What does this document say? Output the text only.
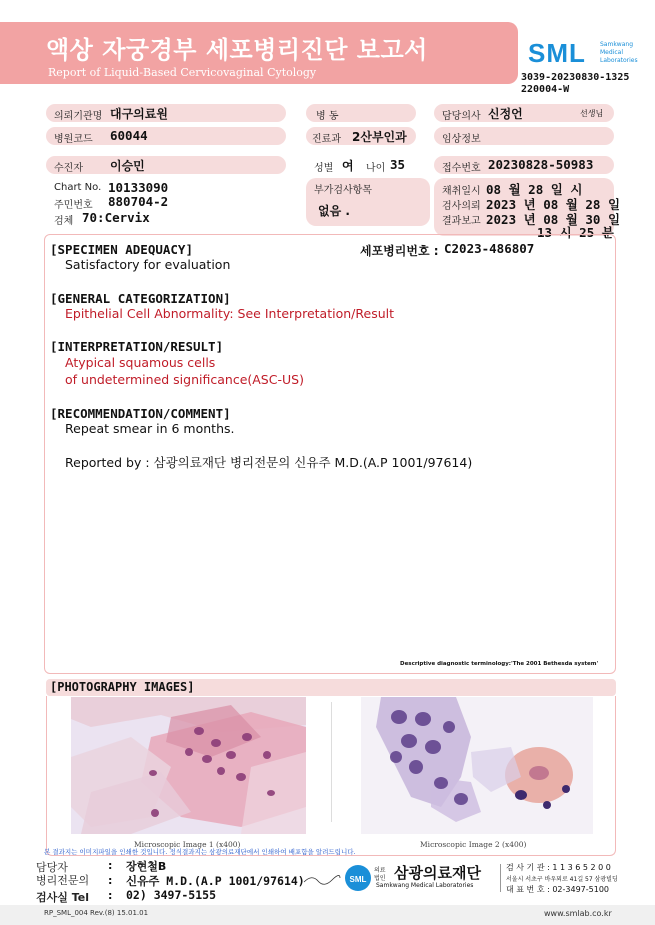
액상 자궁경부 세포병리진단 보고서
Report of Liquid-Based Cervicovaginal Cytology
SML Samkwang
Medical
Laboratories
3039-20230830-1325
220004-W
의뢰기관명 대구의료원	병 동	담당의사 신정언	선생님
병원코드 60044	진료과 2산부인과	임상정보
수진자 이승민	성별 여 나이 35	접수번호 20230828-50983
Chart No. 10133090
주민번호 880704-2
검체 70:Cervix
부가검사항목
없음 .
채취일시 08 월 28 일 시
검사의뢰 2023 년 08 월 28 일
결과보고 2023 년 08 월 30 일
13 시 25 분
[SPECIMEN ADEQUACY]	세포병리번호 : C2023-486807
Satisfactory for evaluation
[GENERAL CATEGORIZATION]
Epithelial Cell Abnormality: See Interpretation/Result
[INTERPRETATION/RESULT]
Atypical squamous cells
of undetermined significance(ASC-US)
[RECOMMENDATION/COMMENT]
Repeat smear in 6 months.
Reported by : 삼광의료재단 병리전문의 신유주 M.D.(A.P 1001/97614)
Descriptive diagnostic terminology:'The 2001 Bethesda system'
[PHOTOGRAPHY IMAGES]
Microscopic Image 1 (x400)	Microscopic Image 2 (x400)
본 결과지는 이미지파일을 인쇄한 것입니다. 정식결과지는 삼광의료재단에서 인쇄하여 배포함을 알려드립니다.
담당자	: 장현철B
병리전문의 : 신유주 M.D.(A.P 1001/97614)
검사실 Tel : 02) 3497-5155
SML
의료
법인 삼광의료재단
Samkwang Medical Laboratories
검 사 기 관 : 1 1 3 6 5 2 0 0
서울시 서초구 바우뫼로 41길 57 삼광빌딩
대 표 번 호 : 02-3497-5100
RP_SML_004 Rev.(8) 15.01.01	www.smlab.co.kr
